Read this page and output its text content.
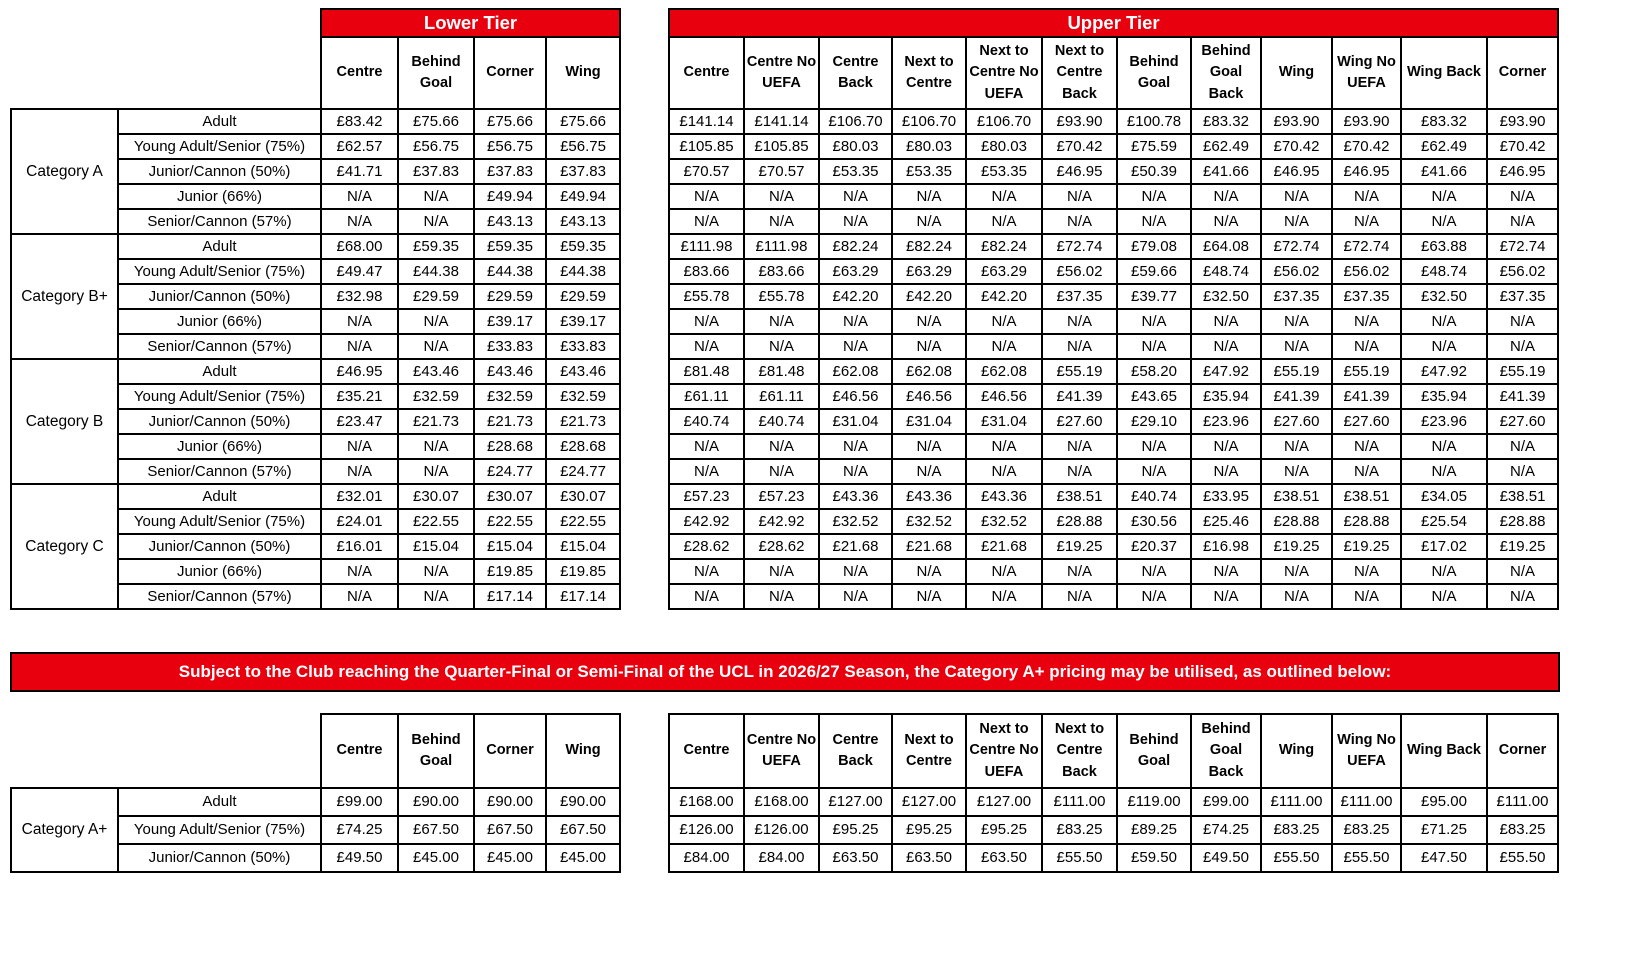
		Lower Tier			
		Centre	Behind Goal	Corner	Wing
Category A	Adult	£83.42	£75.66	£75.66	£75.66
	Young Adult/Senior (75%)	£62.57	£56.75	£56.75	£56.75
	Junior/Cannon (50%)	£41.71	£37.83	£37.83	£37.83
	Junior (66%)	N/A	N/A	£49.94	£49.94
	Senior/Cannon (57%)	N/A	N/A	£43.13	£43.13
Category B+	Adult	£68.00	£59.35	£59.35	£59.35
	Young Adult/Senior (75%)	£49.47	£44.38	£44.38	£44.38
	Junior/Cannon (50%)	£32.98	£29.59	£29.59	£29.59
	Junior (66%)	N/A	N/A	£39.17	£39.17
	Senior/Cannon (57%)	N/A	N/A	£33.83	£33.83
Category B	Adult	£46.95	£43.46	£43.46	£43.46
	Young Adult/Senior (75%)	£35.21	£32.59	£32.59	£32.59
	Junior/Cannon (50%)	£23.47	£21.73	£21.73	£21.73
	Junior (66%)	N/A	N/A	£28.68	£28.68
	Senior/Cannon (57%)	N/A	N/A	£24.77	£24.77
Category C	Adult	£32.01	£30.07	£30.07	£30.07
	Young Adult/Senior (75%)	£24.01	£22.55	£22.55	£22.55
	Junior/Cannon (50%)	£16.01	£15.04	£15.04	£15.04
	Junior (66%)	N/A	N/A	£19.85	£19.85
	Senior/Cannon (57%)	N/A	N/A	£17.14	£17.14
Upper Tier											
Centre	Centre No UEFA	Centre Back	Next to Centre	Next to Centre No UEFA	Next to Centre Back	Behind Goal	Behind Goal Back	Wing	Wing No UEFA	Wing Back	Corner
£141.14	£141.14	£106.70	£106.70	£106.70	£93.90	£100.78	£83.32	£93.90	£93.90	£83.32	£93.90
£105.85	£105.85	£80.03	£80.03	£80.03	£70.42	£75.59	£62.49	£70.42	£70.42	£62.49	£70.42
£70.57	£70.57	£53.35	£53.35	£53.35	£46.95	£50.39	£41.66	£46.95	£46.95	£41.66	£46.95
N/A	N/A	N/A	N/A	N/A	N/A	N/A	N/A	N/A	N/A	N/A	N/A
N/A	N/A	N/A	N/A	N/A	N/A	N/A	N/A	N/A	N/A	N/A	N/A
£111.98	£111.98	£82.24	£82.24	£82.24	£72.74	£79.08	£64.08	£72.74	£72.74	£63.88	£72.74
£83.66	£83.66	£63.29	£63.29	£63.29	£56.02	£59.66	£48.74	£56.02	£56.02	£48.74	£56.02
£55.78	£55.78	£42.20	£42.20	£42.20	£37.35	£39.77	£32.50	£37.35	£37.35	£32.50	£37.35
N/A	N/A	N/A	N/A	N/A	N/A	N/A	N/A	N/A	N/A	N/A	N/A
N/A	N/A	N/A	N/A	N/A	N/A	N/A	N/A	N/A	N/A	N/A	N/A
£81.48	£81.48	£62.08	£62.08	£62.08	£55.19	£58.20	£47.92	£55.19	£55.19	£47.92	£55.19
£61.11	£61.11	£46.56	£46.56	£46.56	£41.39	£43.65	£35.94	£41.39	£41.39	£35.94	£41.39
£40.74	£40.74	£31.04	£31.04	£31.04	£27.60	£29.10	£23.96	£27.60	£27.60	£23.96	£27.60
N/A	N/A	N/A	N/A	N/A	N/A	N/A	N/A	N/A	N/A	N/A	N/A
N/A	N/A	N/A	N/A	N/A	N/A	N/A	N/A	N/A	N/A	N/A	N/A
£57.23	£57.23	£43.36	£43.36	£43.36	£38.51	£40.74	£33.95	£38.51	£38.51	£34.05	£38.51
£42.92	£42.92	£32.52	£32.52	£32.52	£28.88	£30.56	£25.46	£28.88	£28.88	£25.54	£28.88
£28.62	£28.62	£21.68	£21.68	£21.68	£19.25	£20.37	£16.98	£19.25	£19.25	£17.02	£19.25
N/A	N/A	N/A	N/A	N/A	N/A	N/A	N/A	N/A	N/A	N/A	N/A
N/A	N/A	N/A	N/A	N/A	N/A	N/A	N/A	N/A	N/A	N/A	N/A
Subject to the Club reaching the Quarter-Final or Semi-Final of the UCL in 2026/27 Season, the Category A+ pricing may be utilised, as outlined below:
		Centre	Behind Goal	Corner	Wing
Category A+	Adult	£99.00	£90.00	£90.00	£90.00
	Young Adult/Senior (75%)	£74.25	£67.50	£67.50	£67.50
	Junior/Cannon (50%)	£49.50	£45.00	£45.00	£45.00
Centre	Centre No UEFA	Centre Back	Next to Centre	Next to Centre No UEFA	Next to Centre Back	Behind Goal	Behind Goal Back	Wing	Wing No UEFA	Wing Back	Corner
£168.00	£168.00	£127.00	£127.00	£127.00	£111.00	£119.00	£99.00	£111.00	£111.00	£95.00	£111.00
£126.00	£126.00	£95.25	£95.25	£95.25	£83.25	£89.25	£74.25	£83.25	£83.25	£71.25	£83.25
£84.00	£84.00	£63.50	£63.50	£63.50	£55.50	£59.50	£49.50	£55.50	£55.50	£47.50	£55.50
